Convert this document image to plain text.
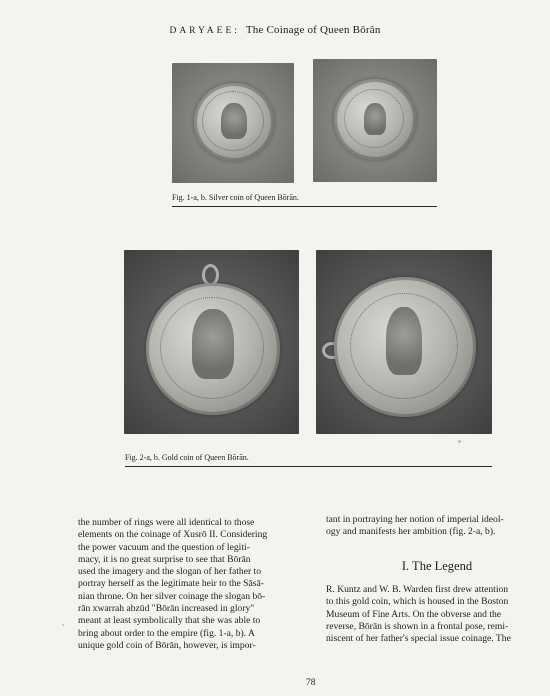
DARYAEE: The Coinage of Queen Bōrān
Fig. 1-a, b. Silver coin of Queen Bōrān.
Fig. 2-a, b. Gold coin of Queen Bōrān.
the number of rings were all identical to those
elements on the coinage of Xusrō II. Considering
the power vacuum and the question of legiti-
macy, it is no great surprise to see that Bōrān
used the imagery and the slogan of her father to
portray herself as the legitimate heir to the Sāsā-
nian throne. On her silver coinage the slogan bō-
rān xwarrah abzūd "Bōrān increased in glory"
meant at least symbolically that she was able to
bring about order to the empire (fig. 1-a, b). A
unique gold coin of Bōrān, however, is impor-
tant in portraying her notion of imperial ideol-
ogy and manifests her ambition (fig. 2-a, b).
I. The Legend
R. Kuntz and W. B. Warden first drew attention
to this gold coin, which is housed in the Boston
Museum of Fine Arts. On the obverse and the
reverse, Bōrān is shown in a frontal pose, remi-
niscent of her father's special issue coinage. The
78
